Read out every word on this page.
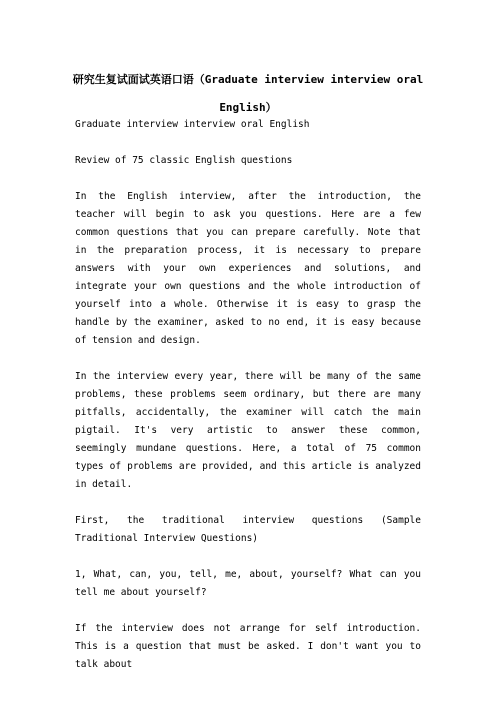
研究生复试面试英语口语（Graduate interview interview oral English）

Graduate interview interview oral English

Review of 75 classic English questions

In the English interview, after the introduction, the teacher will begin to ask you questions. Here are a few common questions that you can prepare carefully. Note that in the preparation process, it is necessary to prepare answers with your own experiences and solutions, and integrate your own questions and the whole introduction of yourself into a whole. Otherwise it is easy to grasp the handle by the examiner, asked to no end, it is easy because of tension and design.

In the interview every year, there will be many of the same problems, these problems seem ordinary, but there are many pitfalls, accidentally, the examiner will catch the main pigtail. It's very artistic to answer these common, seemingly mundane questions. Here, a total of 75 common types of problems are provided, and this article is analyzed in detail.

First, the traditional interview questions (Sample Traditional Interview Questions)

1, What, can, you, tell, me, about, yourself? What can you tell me about yourself?

If the interview does not arrange for self introduction. This is a question that must be asked. I don't want you to talk about
